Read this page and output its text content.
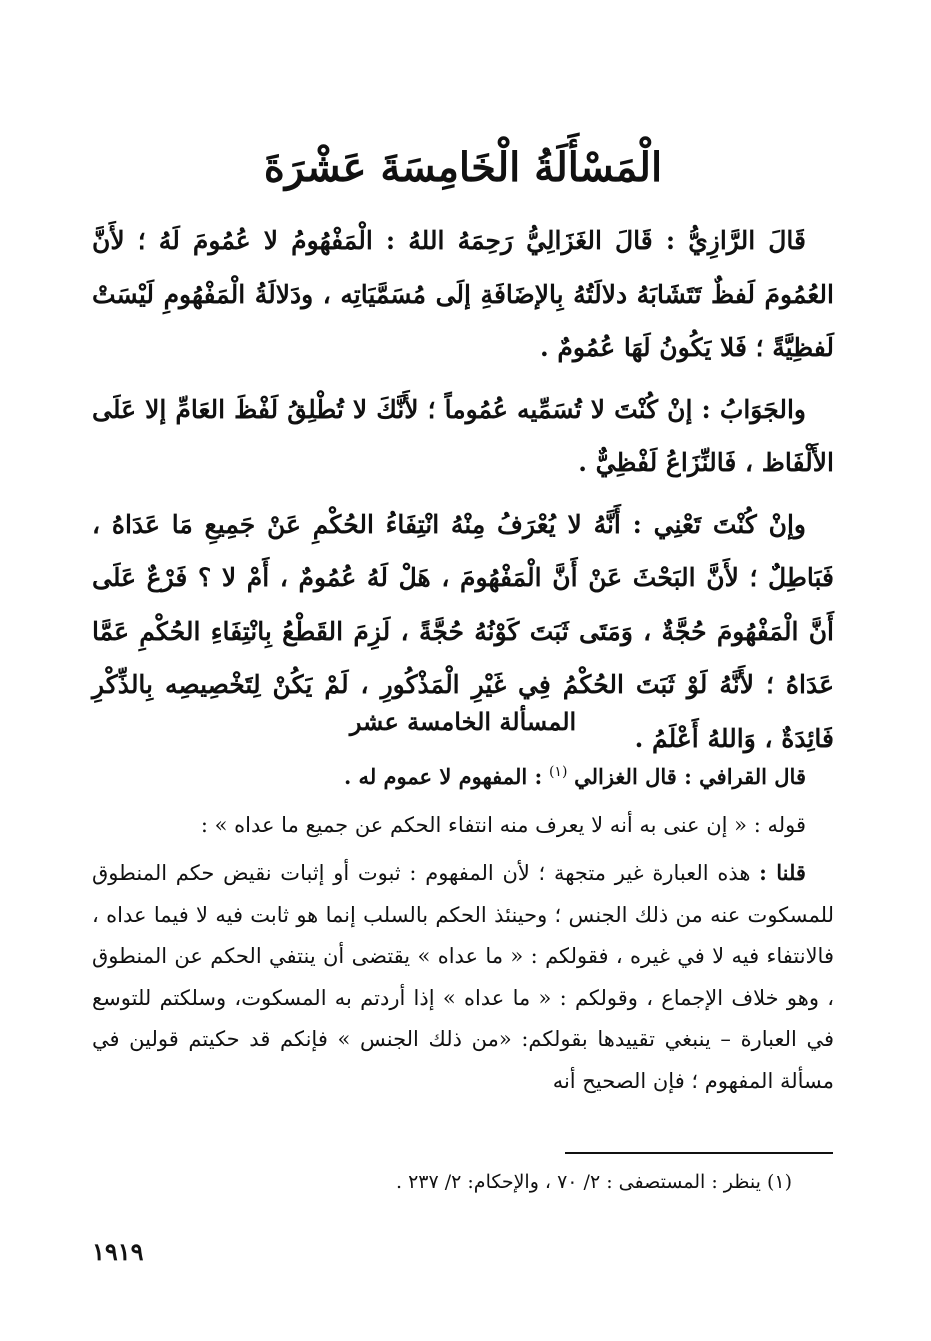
الْمَسْأَلَةُ الْخَامِسَةَ عَشْرَةَ

قَالَ الرَّازِيُّ : قَالَ الغَزَالِيُّ رَحِمَهُ اللهُ : الْمَفْهُومُ لا عُمُومَ لَهُ ؛ لأَنَّ العُمُومَ لَفظٌ تَتَشَابَهُ دلالَتُهُ بِالإضَافَةِ إلَى مُسَمَّيَاتِه ، ودَلالَةُ الْمَفْهُومِ لَيْسَتْ لَفظِيَّةً ؛ فَلا يَكُونُ لَهَا عُمُومٌ .

والجَوَابُ : إنْ كُنْتَ لا تُسَمِّيه عُمُوماً ؛ لأَنَّكَ لا تُطْلِقُ لَفْظَ العَامِّ إلا عَلَى الأَلْفَاظ ، فَالنِّزَاعُ لَفْظِيٌّ .

وإنْ كُنْتَ تَعْنِي : أَنَّهُ لا يُعْرَفُ مِنْهُ انْتِفَاءُ الحُكْمِ عَنْ جَمِيعِ مَا عَدَاهُ ، فَبَاطِلٌ ؛ لأَنَّ البَحْثَ عَنْ أَنَّ الْمَفْهُومَ ، هَلْ لَهُ عُمُومٌ ، أَمْ لا ؟ فَرْعٌ عَلَى أَنَّ الْمَفْهُومَ حُجَّةٌ ، وَمَتَى ثَبَتَ كَوْنُهُ حُجَّةً ، لَزِمَ القَطْعُ بِانْتِفَاءِ الحُكْمِ عَمَّا عَدَاهُ ؛ لأَنَّهُ لَوْ ثَبَتَ الحُكْمُ فِي غَيْرِ الْمَذْكُورِ ، لَمْ يَكُنْ لِتَخْصِيصِه بِالذِّكْرِ فَائِدَةٌ ، وَاللهُ أَعْلَمُ .

المسألة الخامسة عشر

قال القرافي : قال الغزالي $^{(١)}$ : المفهوم لا عموم له .

قوله : « إن عنى به أنه لا يعرف منه انتفاء الحكم عن جميع ما عداه » :

قلنا : هذه العبارة غير متجهة ؛ لأن المفهوم : ثبوت أو إثبات نقيض حكم المنطوق للمسكوت عنه من ذلك الجنس ؛ وحينئذ الحكم بالسلب إنما هو ثابت فيه لا فيما عداه ، فالانتفاء فيه لا في غيره ، فقولكم : « ما عداه » يقتضى أن ينتفي الحكم عن المنطوق ، وهو خلاف الإجماع ، وقولكم : « ما عداه » إذا أردتم به المسكوت، وسلكتم للتوسع في العبارة – ينبغي تقييدها بقولكم: «من ذلك الجنس » فإنكم قد حكيتم قولين في مسألة المفهوم ؛ فإن الصحيح أنه

(١) ينظر : المستصفى : ٢/ ٧٠ ، والإحكام: ٢/ ٢٣٧ .
١٩١٩
